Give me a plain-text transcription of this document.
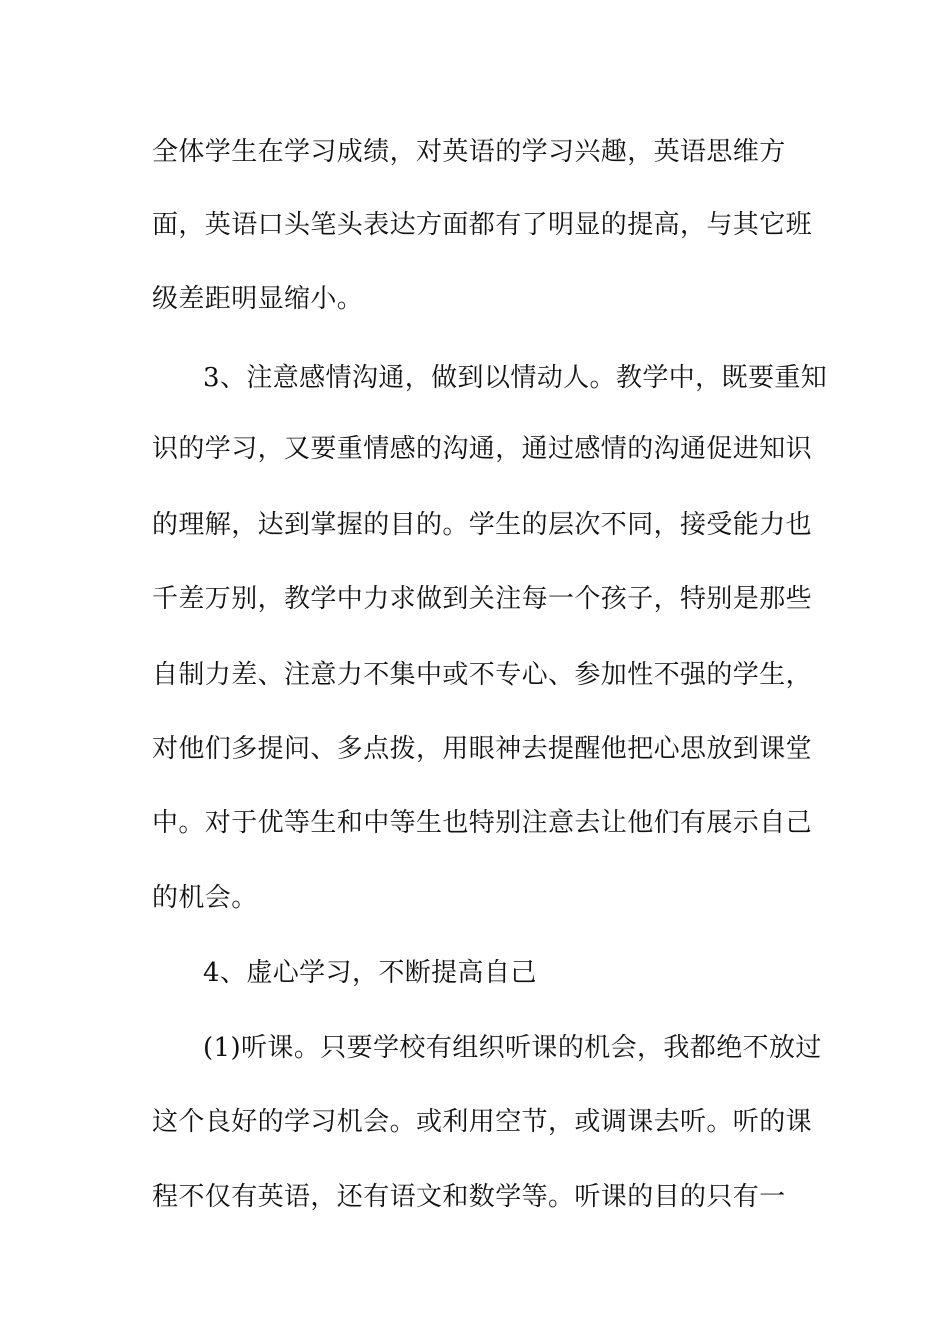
全体学生在学习成绩，对英语的学习兴趣，英语思维方
面，英语口头笔头表达方面都有了明显的提高，与其它班
级差距明显缩小。
3、注意感情沟通，做到以情动人。教学中，既要重知
识的学习，又要重情感的沟通，通过感情的沟通促进知识
的理解，达到掌握的目的。学生的层次不同，接受能力也
千差万别，教学中力求做到关注每一个孩子，特别是那些
自制力差、注意力不集中或不专心、参加性不强的学生，
对他们多提问、多点拨，用眼神去提醒他把心思放到课堂
中。对于优等生和中等生也特别注意去让他们有展示自己
的机会。
4、虚心学习，不断提高自己
(1)听课。只要学校有组织听课的机会，我都绝不放过
这个良好的学习机会。或利用空节，或调课去听。听的课
程不仅有英语，还有语文和数学等。听课的目的只有一
